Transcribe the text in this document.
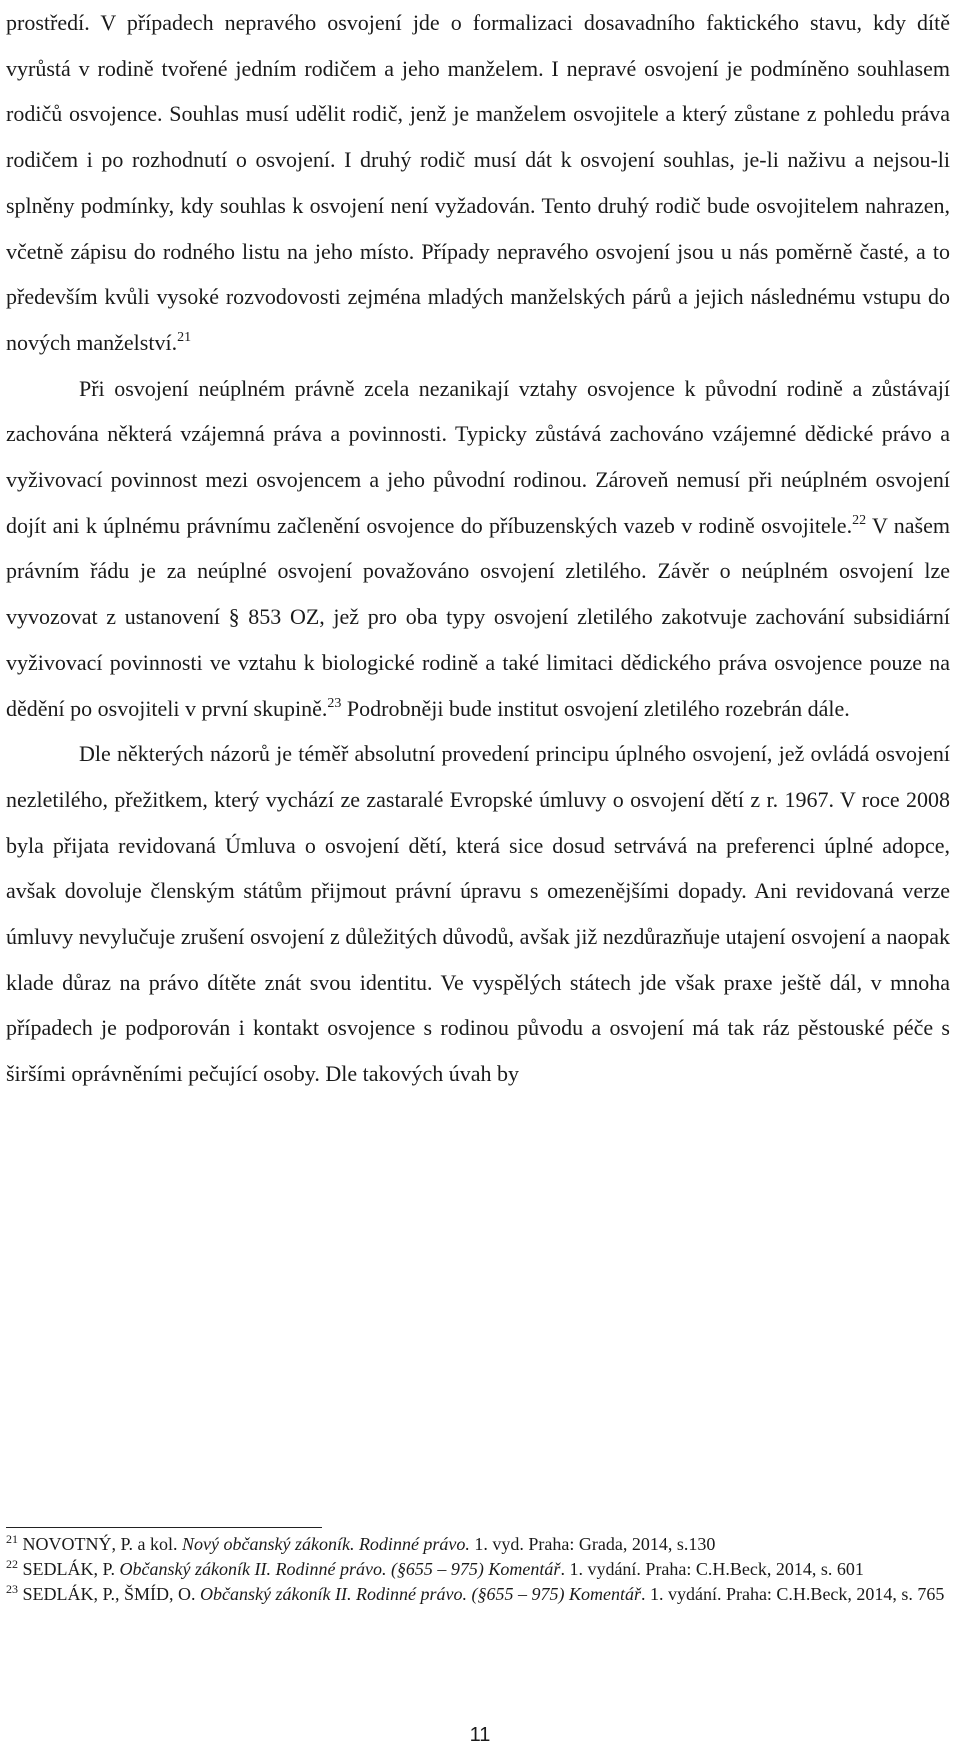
prostředí. V případech nepravého osvojení jde o formalizaci dosavadního faktického stavu, kdy dítě vyrůstá v rodině tvořené jedním rodičem a jeho manželem. I nepravé osvojení je podmíněno souhlasem rodičů osvojence. Souhlas musí udělit rodič, jenž je manželem osvojitele a který zůstane z pohledu práva rodičem i po rozhodnutí o osvojení. I druhý rodič musí dát k osvojení souhlas, je-li naživu a nejsou-li splněny podmínky, kdy souhlas k osvojení není vyžadován. Tento druhý rodič bude osvojitelem nahrazen, včetně zápisu do rodného listu na jeho místo. Případy nepravého osvojení jsou u nás poměrně časté, a to především kvůli vysoké rozvodovosti zejména mladých manželských párů a jejich následnému vstupu do nových manželství.$^{21}$

Při osvojení neúplném právně zcela nezanikají vztahy osvojence k původní rodině a zůstávají zachována některá vzájemná práva a povinnosti. Typicky zůstává zachováno vzájemné dědické právo a vyživovací povinnost mezi osvojencem a jeho původní rodinou. Zároveň nemusí při neúplném osvojení dojít ani k úplnému právnímu začlenění osvojence do příbuzenských vazeb v rodině osvojitele.$^{22}$ V našem právním řádu je za neúplné osvojení považováno osvojení zletilého. Závěr o neúplném osvojení lze vyvozovat z ustanovení § 853 OZ, jež pro oba typy osvojení zletilého zakotvuje zachování subsidiární vyživovací povinnosti ve vztahu k biologické rodině a také limitaci dědického práva osvojence pouze na dědění po osvojiteli v první skupině.$^{23}$ Podrobněji bude institut osvojení zletilého rozebrán dále.

Dle některých názorů je téměř absolutní provedení principu úplného osvojení, jež ovládá osvojení nezletilého, přežitkem, který vychází ze zastaralé Evropské úmluvy o osvojení dětí z r. 1967. V roce 2008 byla přijata revidovaná Úmluva o osvojení dětí, která sice dosud setrvává na preferenci úplné adopce, avšak dovoluje členským státům přijmout právní úpravu s omezenějšími dopady. Ani revidovaná verze úmluvy nevylučuje zrušení osvojení z důležitých důvodů, avšak již nezdůrazňuje utajení osvojení a naopak klade důraz na právo dítěte znát svou identitu. Ve vyspělých státech jde však praxe ještě dál, v mnoha případech je podporován i kontakt osvojence s rodinou původu a osvojení má tak ráz pěstouské péče s širšími oprávněními pečující osoby. Dle takových úvah by

$^{21}$ NOVOTNÝ, P. a kol. Nový občanský zákoník. Rodinné právo. 1. vyd. Praha: Grada, 2014, s.130
$^{22}$ SEDLÁK, P. Občanský zákoník II. Rodinné právo. (§655 – 975) Komentář. 1. vydání. Praha: C.H.Beck, 2014, s. 601
$^{23}$ SEDLÁK, P., ŠMÍD, O. Občanský zákoník II. Rodinné právo. (§655 – 975) Komentář. 1. vydání. Praha: C.H.Beck, 2014, s. 765
11
